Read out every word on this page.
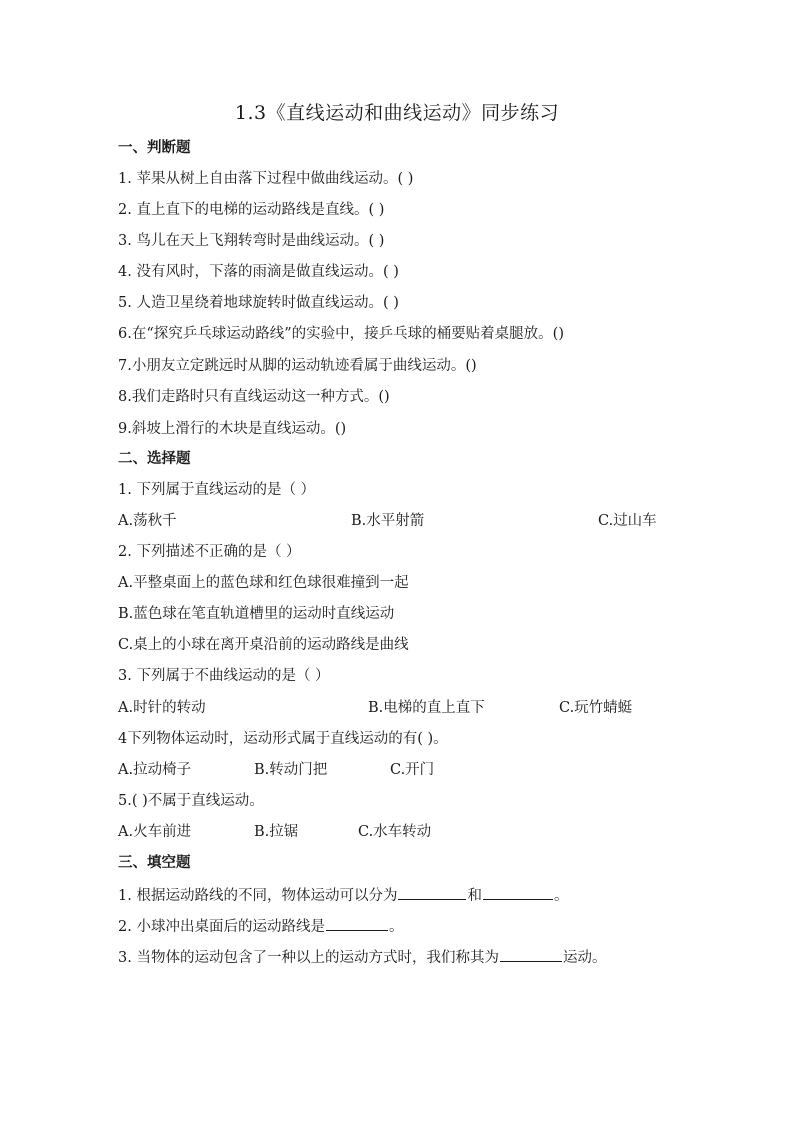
1.3《直线运动和曲线运动》同步练习
一、判断题
1. 苹果从树上自由落下过程中做曲线运动。( )
2. 直上直下的电梯的运动路线是直线。( )
3. 鸟儿在天上飞翔转弯时是曲线运动。( )
4. 没有风时，下落的雨滴是做直线运动。( )
5. 人造卫星绕着地球旋转时做直线运动。( )
6.在“探究乒乓球运动路线”的实验中，接乒乓球的桶要贴着桌腿放。()
7.小朋友立定跳远时从脚的运动轨迹看属于曲线运动。()
8.我们走路时只有直线运动这一种方式。()
9.斜坡上滑行的木块是直线运动。()
二、选择题
1. 下列属于直线运动的是（ ）
A.荡秋千	B.水平射箭	C.过山车
2. 下列描述不正确的是（ ）
A.平整桌面上的蓝色球和红色球很难撞到一起
B.蓝色球在笔直轨道槽里的运动时直线运动
C.桌上的小球在离开桌沿前的运动路线是曲线
3. 下列属于不曲线运动的是（ ）
A.时针的转动	B.电梯的直上直下	C.玩竹蜻蜓
4下列物体运动时，运动形式属于直线运动的有( )。
A.拉动椅子	B.转动门把	C.开门
5.( )不属于直线运动。
A.火车前进	B.拉锯	C.水车转动
三、填空题
1. 根据运动路线的不同，物体运动可以分为	和	。
2. 小球冲出桌面后的运动路线是	。
3. 当物体的运动包含了一种以上的运动方式时，我们称其为	运动。
